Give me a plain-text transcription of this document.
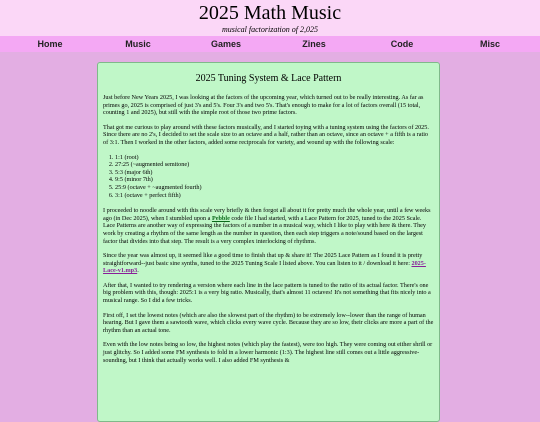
2025 Math Music
musical factorization of 2,025
Home	Music	Games	Zines	Code	Misc
2025 Tuning System & Lace Pattern

Just before New Years 2025, I was looking at the factors of the upcoming year, which turned out to be really interesting. As far as primes go, 2025 is comprised of just 3's and 5's. Four 3's and two 5's. That's enough to make for a lot of factors overall (15 total, counting 1 and 2025), but still with the simple root of those two prime factors.

That got me curious to play around with these factors musically, and I started toying with a tuning system using the factors of 2025. Since there are no 2's, I decided to set the scale size to an octave and a half, rather than an octave, since an octave + a fifth is a ratio of 3:1. Then I worked in the other factors, added some reciprocals for variety, and wound up with the following scale:

1. 1:1 (root)
2. 27:25 (~augmented semitone)
3. 5:3 (major 6th)
4. 9:5 (minor 7th)
5. 25:9 (octave + ~augmented fourth)
6. 3:1 (octave + perfect fifth)

I proceeded to noodle around with this scale very briefly & then forgot all about it for pretty much the whole year, until a few weeks ago (in Dec 2025), when I stumbled upon a Pebble code file I had started, with a Lace Pattern for 2025, tuned to the 2025 Scale. Lace Patterns are another way of expressing the factors of a number in a musical way, which I like to play with here & there. They work by creating a rhythm of the same length as the number in question, then each step triggers a note/sound based on the largest factor that divides into that step. The result is a very complex interlocking of rhythms.

Since the year was almost up, it seemed like a good time to finish that up & share it! The 2025 Lace Pattern as I found it is pretty straightforward--just basic sine synths, tuned to the 2025 Tuning Scale I listed above. You can listen to it / download it here: 2025-Lace-v1.mp3.

After that, I wanted to try rendering a version where each line in the lace pattern is tuned to the ratio of its actual factor. There's one big problem with this, though: 2025:1 is a very big ratio. Musically, that's almost 11 octaves! It's not something that fits nicely into a musical range. So I did a few tricks.

First off, I set the lowest notes (which are also the slowest part of the rhythm) to be extremely low--lower than the range of human hearing. But I gave them a sawtooth wave, which clicks every wave cycle. Because they are so low, their clicks are more a part of the rhythm than an actual tone.

Even with the low notes being so low, the highest notes (which play the fastest), were too high. They were coming out either shrill or just glitchy. So I added some FM synthesis to fold in a lower harmonic (1:3). The highest line still comes out a little aggressive-sounding, but I think that actually works well. I also added FM synthesis &
